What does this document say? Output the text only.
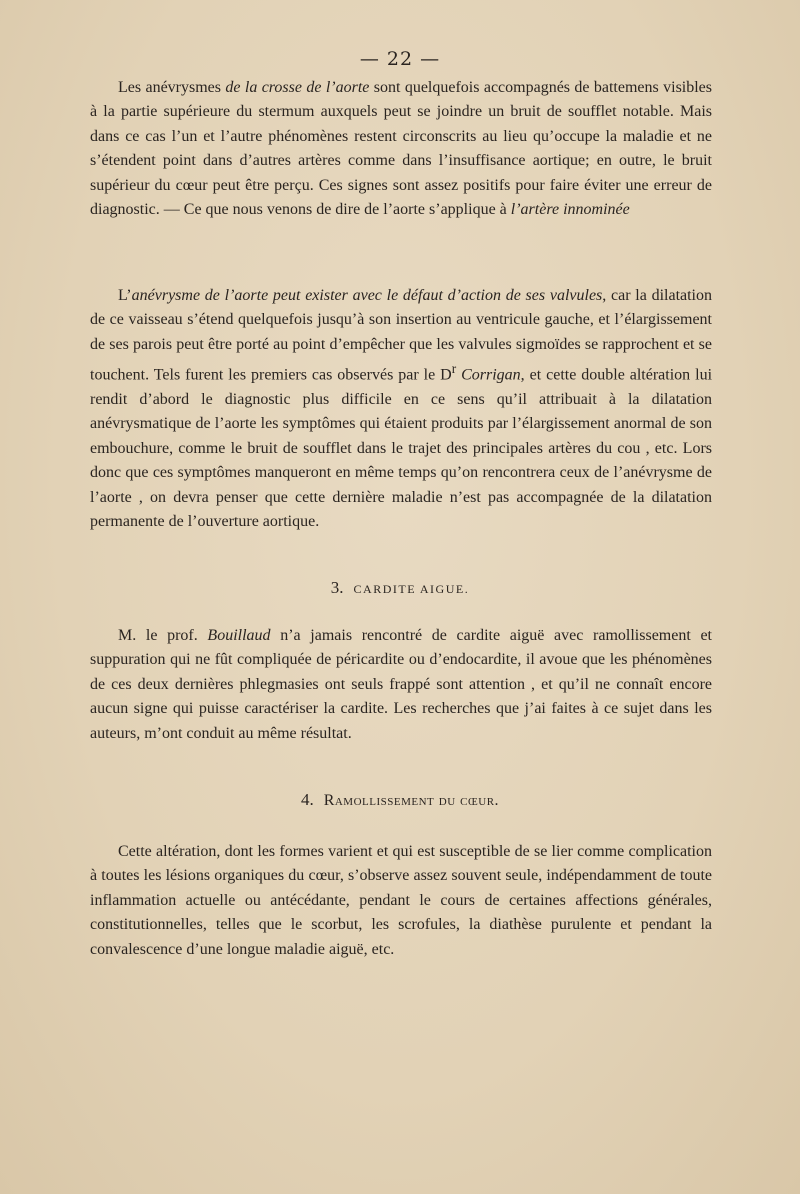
— 22 —

Les anévrysmes de la crosse de l’aorte sont quelquefois accompagnés de battemens visibles à la partie supérieure du stermum auxquels peut se joindre un bruit de soufflet notable. Mais dans ce cas l’un et l’autre phénomènes restent circonscrits au lieu qu’occupe la maladie et ne s’étendent point dans d’autres artères comme dans l’insuffisance aortique; en outre, le bruit supérieur du cœur peut être perçu. Ces signes sont assez positifs pour faire éviter une erreur de diagnostic. — Ce que nous venons de dire de l’aorte s’applique à l’artère innominée

L’anévrysme de l’aorte peut exister avec le défaut d’action de ses valvules, car la dilatation de ce vaisseau s’étend quelquefois jusqu’à son insertion au ventricule gauche, et l’élargissement de ses parois peut être porté au point d’empêcher que les valvules sigmoïdes se rapprochent et se touchent. Tels furent les premiers cas observés par le $D^r$ Corrigan, et cette double altération lui rendit d’abord le diagnostic plus difficile en ce sens qu’il attribuait à la dilatation anévrysmatique de l’aorte les symptômes qui étaient produits par l’élargissement anormal de son embouchure, comme le bruit de soufflet dans le trajet des principales artères du cou , etc. Lors donc que ces symptômes manqueront en même temps qu’on rencontrera ceux de l’anévrysme de l’aorte , on devra penser que cette dernière maladie n’est pas accompagnée de la dilatation permanente de l’ouverture aortique.

3. CARDITE AIGUE.

M. le prof. Bouillaud n’a jamais rencontré de cardite aiguë avec ramollissement et suppuration qui ne fût compliquée de péricardite ou d’endocardite, il avoue que les phénomènes de ces deux dernières phlegmasies ont seuls frappé sont attention , et qu’il ne connaît encore aucun signe qui puisse caractériser la cardite. Les recherches que j’ai faites à ce sujet dans les auteurs, m’ont conduit au même résultat.

4. Ramollissement du cœur.

Cette altération, dont les formes varient et qui est susceptible de se lier comme complication à toutes les lésions organiques du cœur, s’observe assez souvent seule, indépendamment de toute inflammation actuelle ou antécédante, pendant le cours de certaines affections générales, constitutionnelles, telles que le scorbut, les scrofules, la diathèse purulente et pendant la convalescence d’une longue maladie aiguë, etc.
